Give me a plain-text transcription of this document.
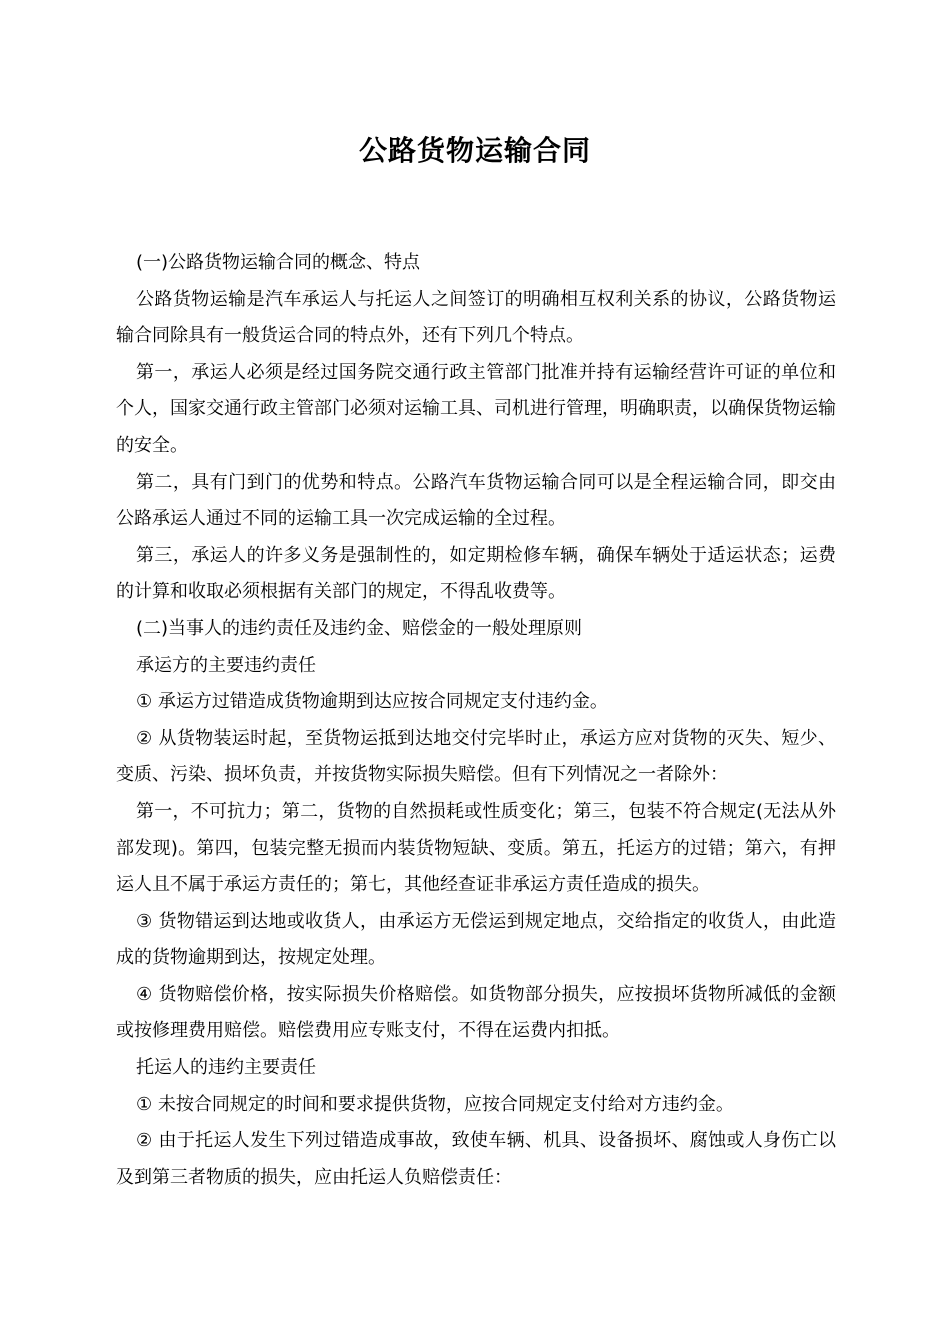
公路货物运输合同

(一)公路货物运输合同的概念、特点

公路货物运输是汽车承运人与托运人之间签订的明确相互权利关系的协议，公路货物运输合同除具有一般货运合同的特点外，还有下列几个特点。

第一，承运人必须是经过国务院交通行政主管部门批准并持有运输经营许可证的单位和个人，国家交通行政主管部门必须对运输工具、司机进行管理，明确职责，以确保货物运输的安全。

第二，具有门到门的优势和特点。公路汽车货物运输合同可以是全程运输合同，即交由公路承运人通过不同的运输工具一次完成运输的全过程。

第三，承运人的许多义务是强制性的，如定期检修车辆，确保车辆处于适运状态；运费的计算和收取必须根据有关部门的规定，不得乱收费等。

(二)当事人的违约责任及违约金、赔偿金的一般处理原则

承运方的主要违约责任

① 承运方过错造成货物逾期到达应按合同规定支付违约金。

② 从货物装运时起，至货物运抵到达地交付完毕时止，承运方应对货物的灭失、短少、变质、污染、损坏负责，并按货物实际损失赔偿。但有下列情况之一者除外：

第一，不可抗力；第二，货物的自然损耗或性质变化；第三，包装不符合规定(无法从外部发现)。第四，包装完整无损而内装货物短缺、变质。第五，托运方的过错；第六，有押运人且不属于承运方责任的；第七，其他经查证非承运方责任造成的损失。

③ 货物错运到达地或收货人，由承运方无偿运到规定地点，交给指定的收货人，由此造成的货物逾期到达，按规定处理。

④ 货物赔偿价格，按实际损失价格赔偿。如货物部分损失，应按损坏货物所减低的金额或按修理费用赔偿。赔偿费用应专账支付，不得在运费内扣抵。

托运人的违约主要责任

① 未按合同规定的时间和要求提供货物，应按合同规定支付给对方违约金。

② 由于托运人发生下列过错造成事故，致使车辆、机具、设备损坏、腐蚀或人身伤亡以及到第三者物质的损失，应由托运人负赔偿责任：
